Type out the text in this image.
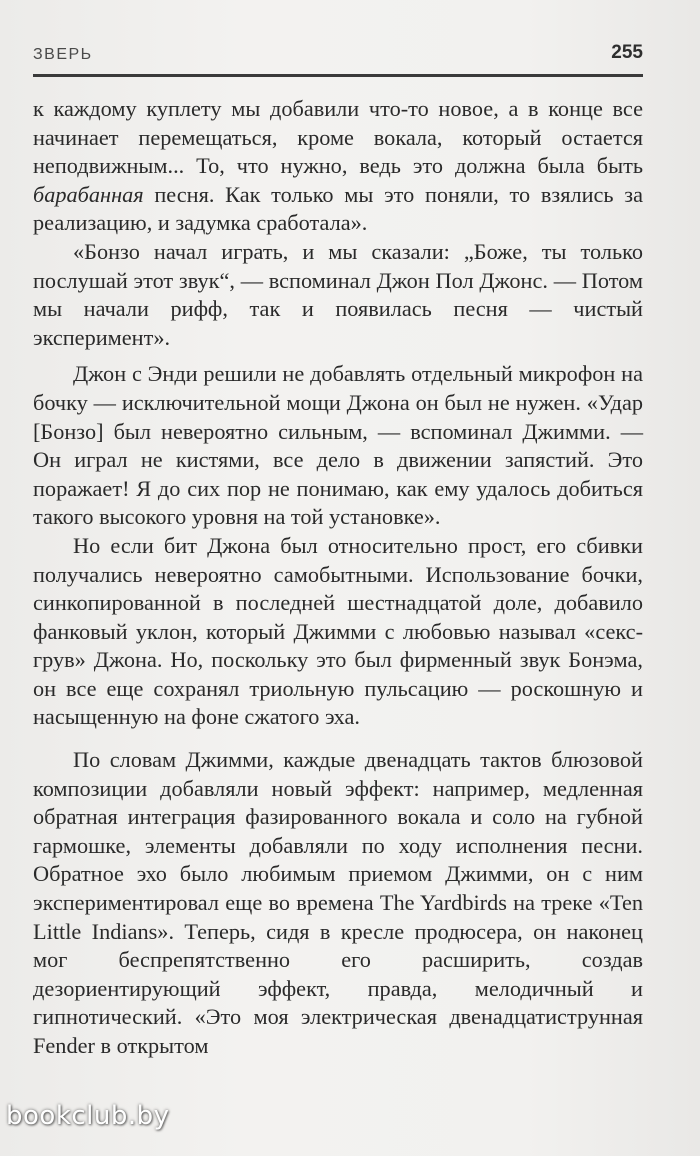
ЗВЕРЬ	255

к каждому куплету мы добавили что-то новое, а в конце все начинает перемещаться, кроме вокала, который остается неподвижным... То, что нужно, ведь это должна была быть барабанная песня. Как только мы это поняли, то взялись за реализацию, и задумка сработала».

«Бонзо начал играть, и мы сказали: „Боже, ты только послушай этот звук“, — вспоминал Джон Пол Джонс. — Потом мы начали рифф, так и появилась песня — чистый эксперимент».

Джон с Энди решили не добавлять отдельный микрофон на бочку — исключительной мощи Джона он был не нужен. «Удар [Бонзо] был невероятно сильным, — вспоминал Джимми. — Он играл не кистями, все дело в движении запястий. Это поражает! Я до сих пор не понимаю, как ему удалось добиться такого высокого уровня на той установке».

Но если бит Джона был относительно прост, его сбивки получались невероятно самобытными. Использование бочки, синкопированной в последней шестнадцатой доле, добавило фанковый уклон, который Джимми с любовью называл «секс-грув» Джона. Но, поскольку это был фирменный звук Бонэма, он все еще сохранял триольную пульсацию — роскошную и насыщенную на фоне сжатого эха.

По словам Джимми, каждые двенадцать тактов блюзовой композиции добавляли новый эффект: например, медленная обратная интеграция фазированного вокала и соло на губной гармошке, элементы добавляли по ходу исполнения песни. Обратное эхо было любимым приемом Джимми, он с ним экспериментировал еще во времена The Yardbirds на треке «Ten Little Indians». Теперь, сидя в кресле продюсера, он наконец мог беспрепятственно его расширить, создав дезориентирующий эффект, правда, мелодичный и гипнотический. «Это моя электрическая двенадцатиструнная Fender в открытом

bookclub.by
